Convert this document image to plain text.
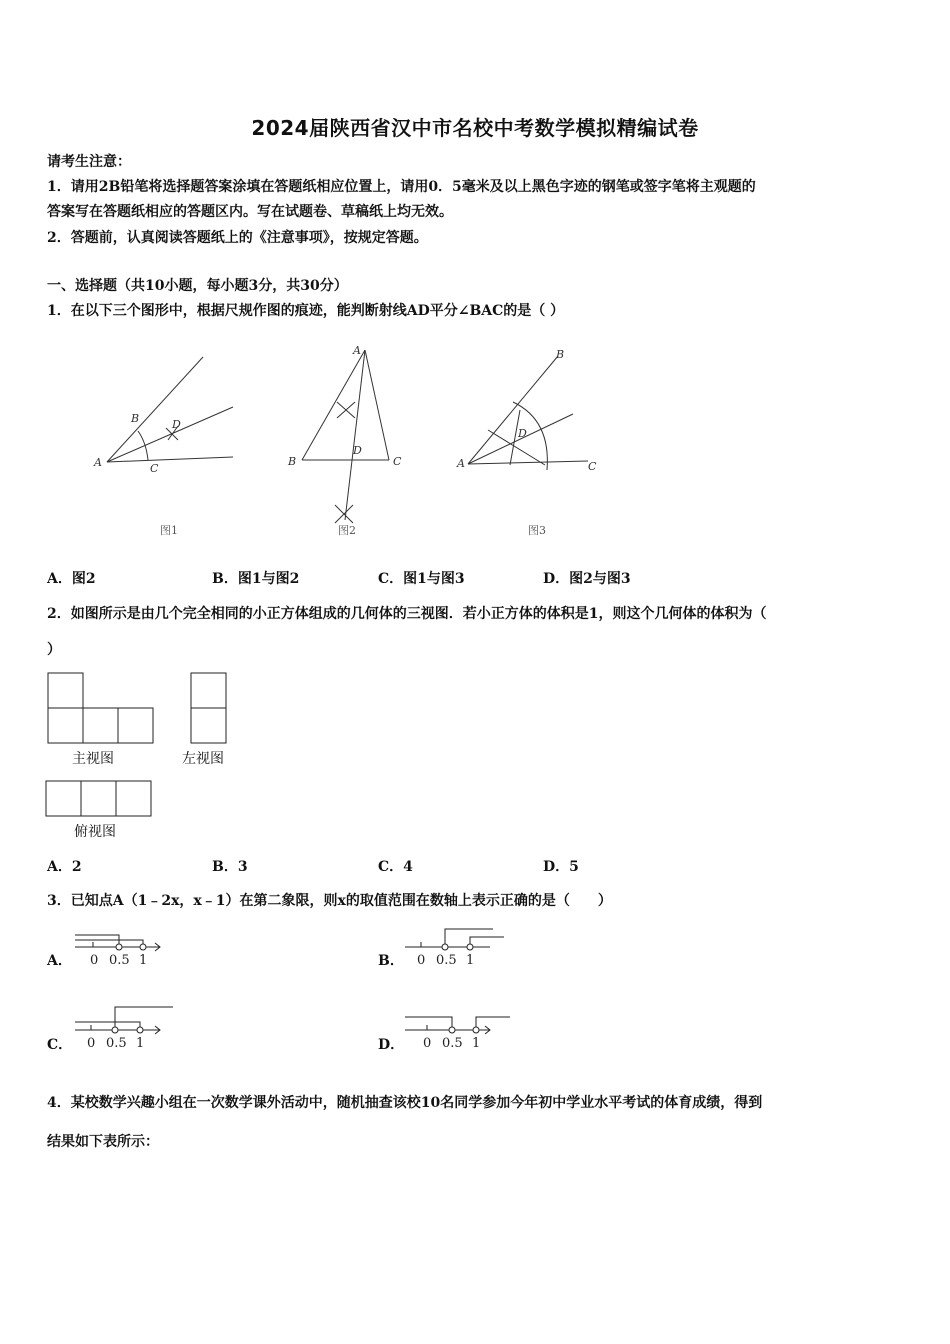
2024届陕西省汉中市名校中考数学模拟精编试卷
请考生注意：
1．请用2B铅笔将选择题答案涂填在答题纸相应位置上，请用0．5毫米及以上黑色字迹的钢笔或签字笔将主观题的
答案写在答题纸相应的答题区内。写在试题卷、草稿纸上均无效。
2．答题前，认真阅读答题纸上的《注意事项》，按规定答题。
一、选择题（共10小题，每小题3分，共30分）
1．在以下三个图形中，根据尺规作图的痕迹，能判断射线AD平分∠BAC的是（ ）
A
B
C
D
图1
A
B	C
D
图2
A
B
C
D
图3
A．图2	B．图1与图2	C．图1与图3	D．图2与图3
2．如图所示是由几个完全相同的小正方体组成的几何体的三视图．若小正方体的体积是1，则这个几何体的体积为（
）
主视图	左视图
俯视图
A．2	B．3	C．4	D．5
3．已知点A（1﹣2x，x﹣1）在第二象限，则x的取值范围在数轴上表示正确的是（　　）
A． 0 0.5 1	B． 0 0.5 1
C． 0 0.5 1	D． 0 0.5 1
4．某校数学兴趣小组在一次数学课外活动中，随机抽查该校10名同学参加今年初中学业水平考试的体育成绩，得到
结果如下表所示：
